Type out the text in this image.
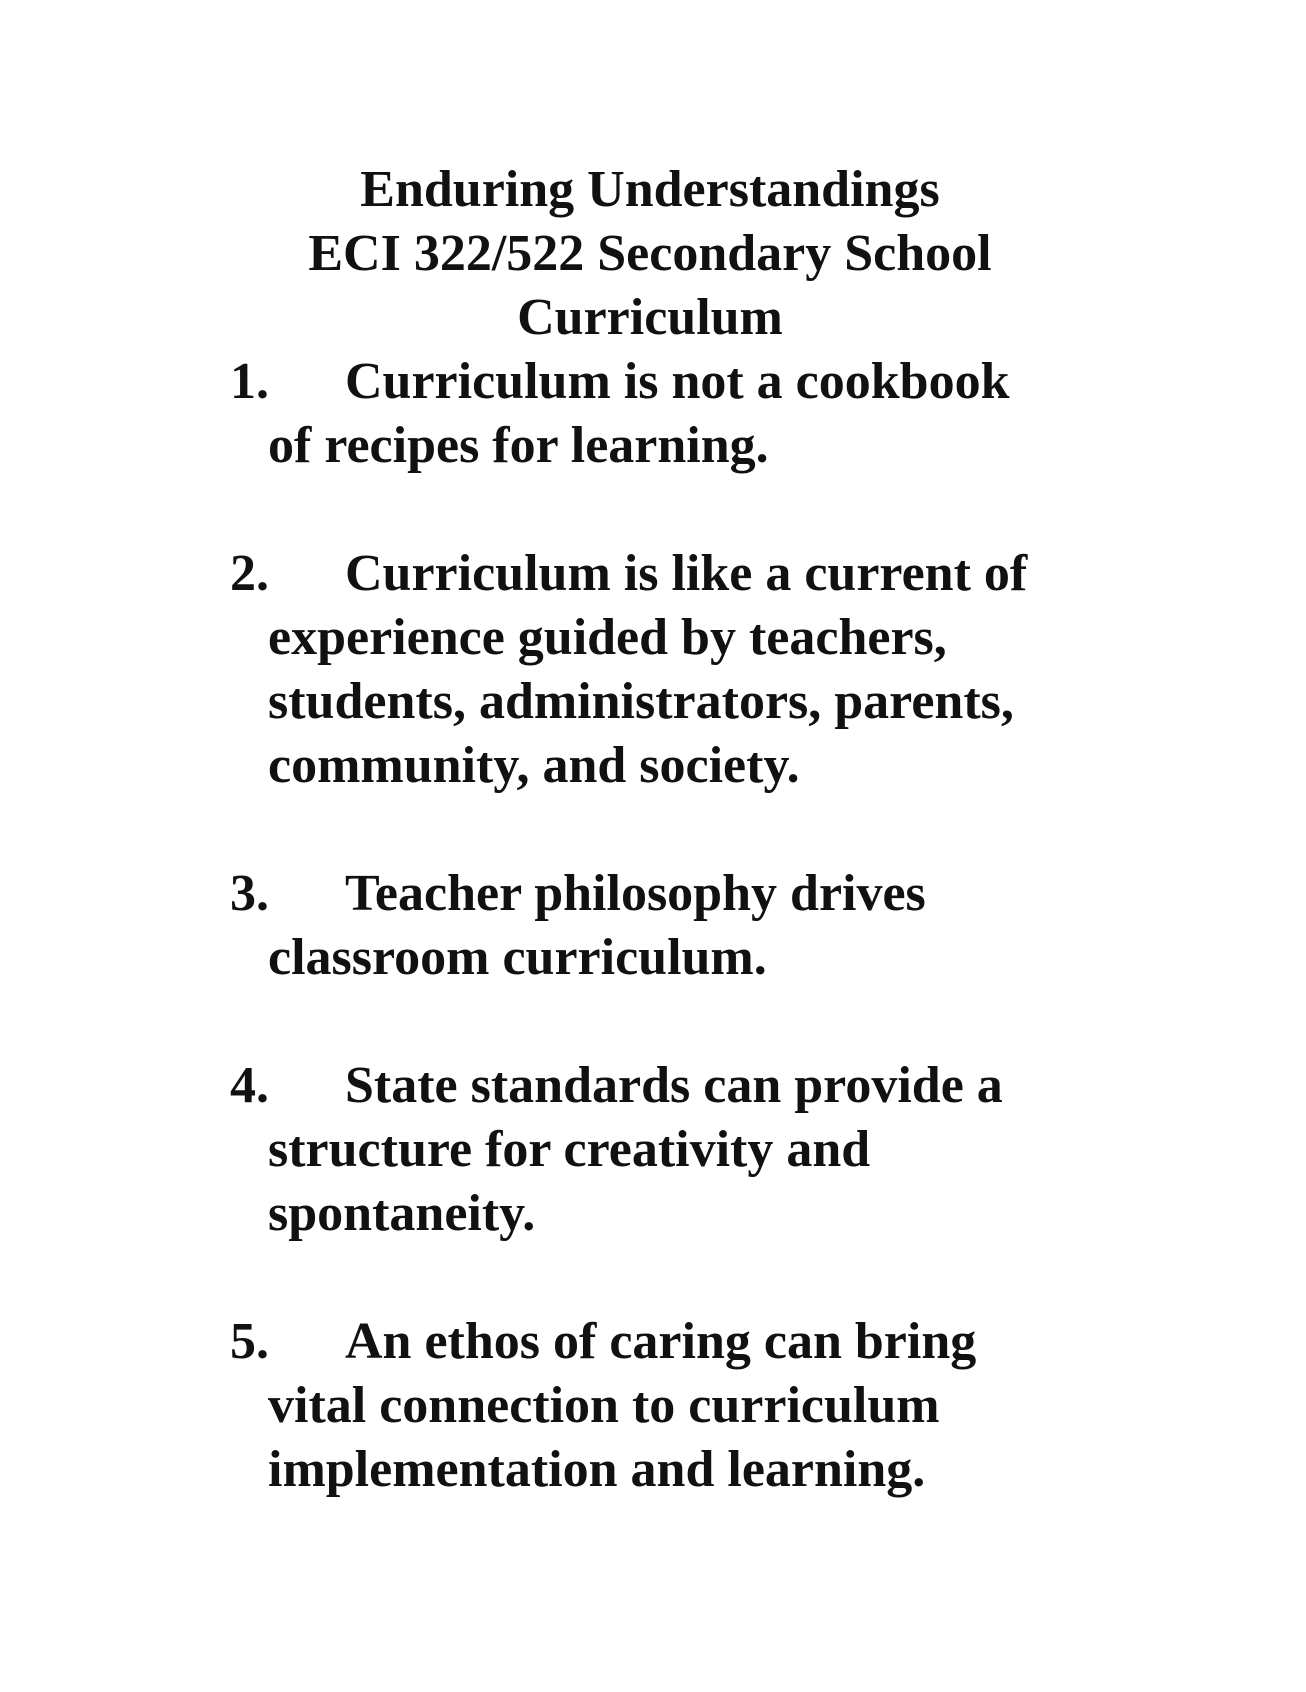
Enduring Understandings
ECI 322/522 Secondary School
Curriculum
1.	Curriculum is not a cookbook
of recipes for learning.
2.	Curriculum is like a current of
experience guided by teachers,
students, administrators, parents,
community, and society.
3.	Teacher philosophy drives
classroom curriculum.
4.	State standards can provide a
structure for creativity and
spontaneity.
5.	An ethos of caring can bring
vital connection to curriculum
implementation and learning.
